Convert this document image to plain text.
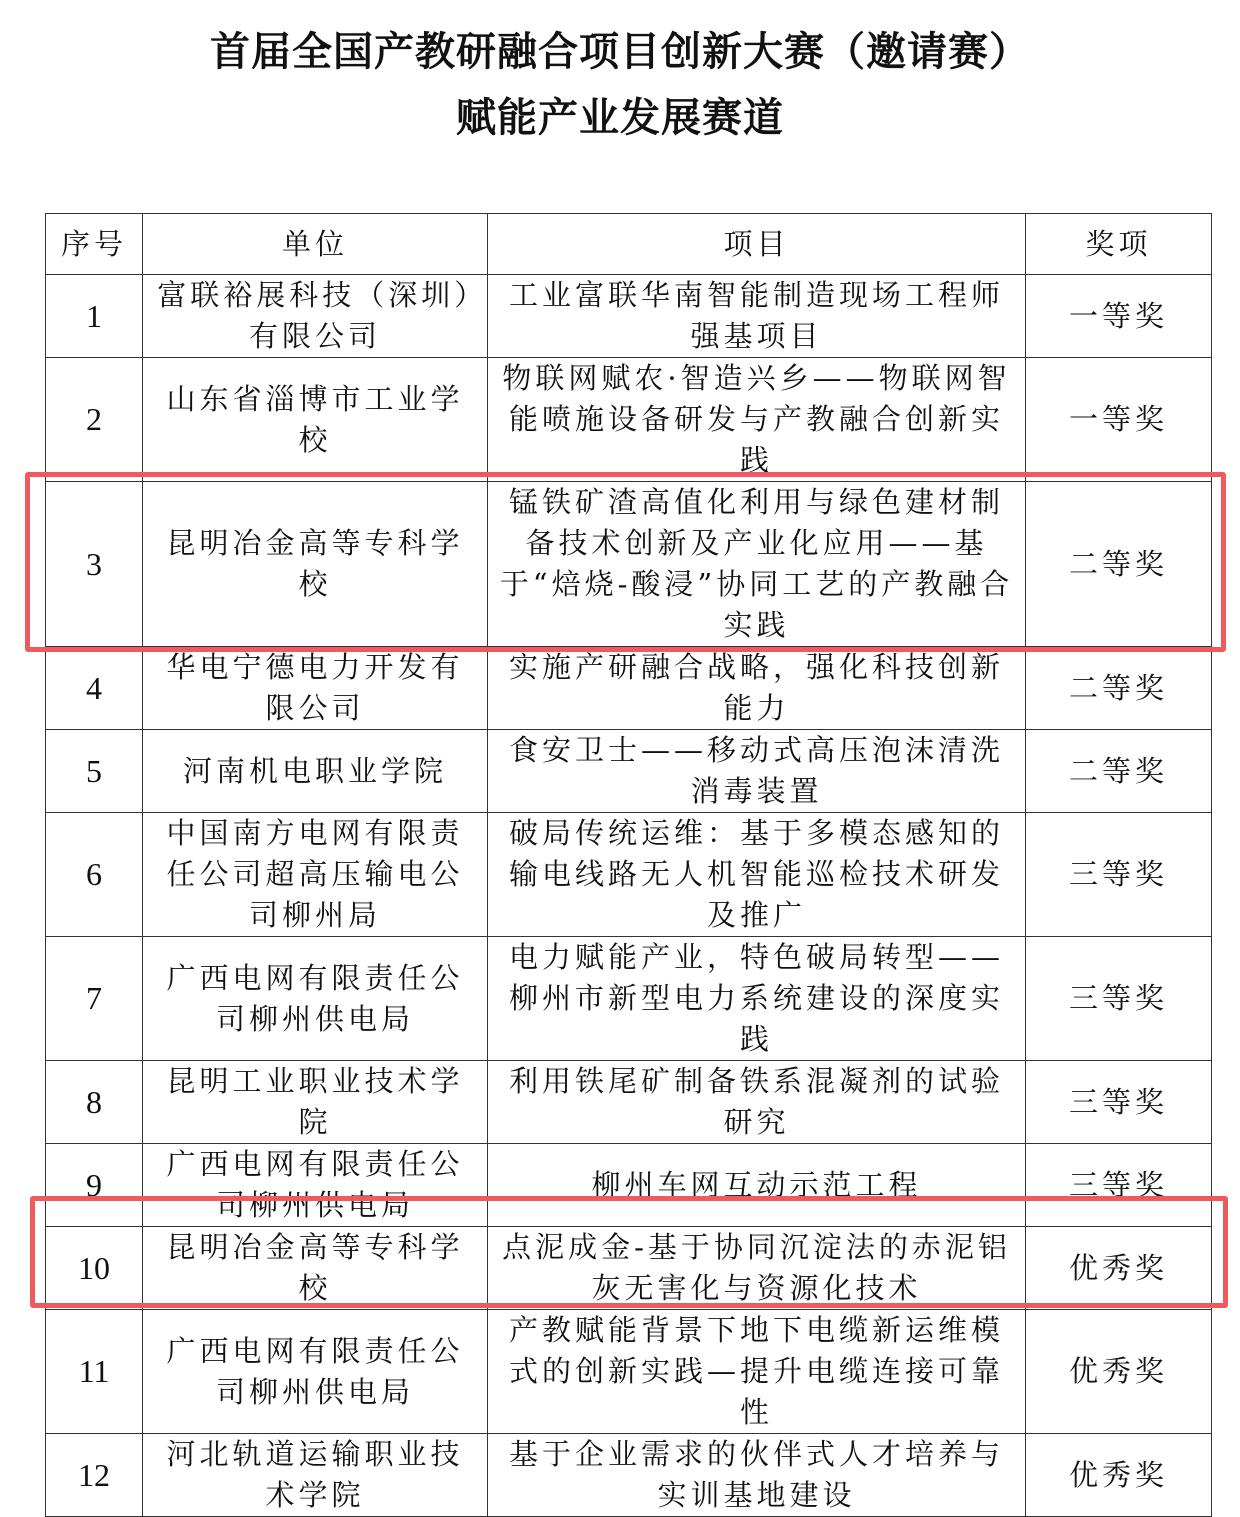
首届全国产教研融合项目创新大赛（邀请赛）
赋能产业发展赛道
序号	单位	项目	奖项
1	富联裕展科技（深圳）有限公司	工业富联华南智能制造现场工程师强基项目	一等奖
2	山东省淄博市工业学校	物联网赋农·智造兴乡——物联网智能喷施设备研发与产教融合创新实践	一等奖
3	昆明冶金高等专科学校	锰铁矿渣高值化利用与绿色建材制备技术创新及产业化应用——基于“焙烧-酸浸”协同工艺的产教融合实践	二等奖
4	华电宁德电力开发有限公司	实施产研融合战略，强化科技创新能力	二等奖
5	河南机电职业学院	食安卫士——移动式高压泡沫清洗消毒装置	二等奖
6	中国南方电网有限责任公司超高压输电公司柳州局	破局传统运维：基于多模态感知的输电线路无人机智能巡检技术研发及推广	三等奖
7	广西电网有限责任公司柳州供电局	电力赋能产业，特色破局转型——柳州市新型电力系统建设的深度实践	三等奖
8	昆明工业职业技术学院	利用铁尾矿制备铁系混凝剂的试验研究	三等奖
9	广西电网有限责任公司柳州供电局	柳州车网互动示范工程	三等奖
10	昆明冶金高等专科学校	点泥成金-基于协同沉淀法的赤泥铝灰无害化与资源化技术	优秀奖
11	广西电网有限责任公司柳州供电局	产教赋能背景下地下电缆新运维模式的创新实践—提升电缆连接可靠性	优秀奖
12	河北轨道运输职业技术学院	基于企业需求的伙伴式人才培养与实训基地建设	优秀奖
